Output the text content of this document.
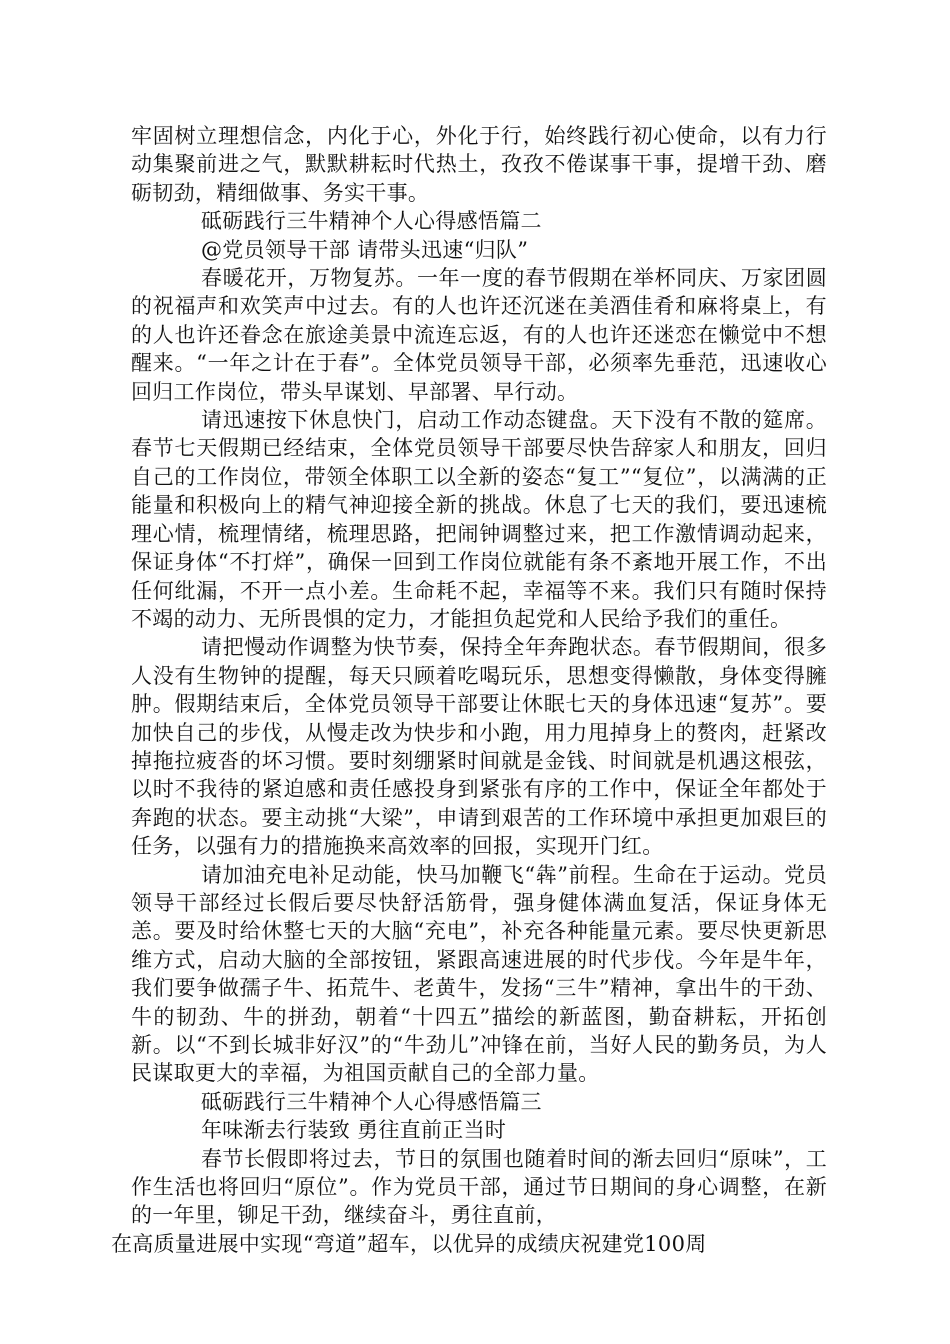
牢固树立理想信念，内化于心，外化于行，始终践行初心使命，以有力行动集聚前进之气，默默耕耘时代热土，孜孜不倦谋事干事，提增干劲、磨砺韧劲，精细做事、务实干事。

砥砺践行三牛精神个人心得感悟篇二

@党员领导干部 请带头迅速“归队”

春暖花开，万物复苏。一年一度的春节假期在举杯同庆、万家团圆的祝福声和欢笑声中过去。有的人也许还沉迷在美酒佳肴和麻将桌上，有的人也许还眷念在旅途美景中流连忘返，有的人也许还迷恋在懒觉中不想醒来。“一年之计在于春”。全体党员领导干部，必须率先垂范，迅速收心回归工作岗位，带头早谋划、早部署、早行动。

请迅速按下休息快门，启动工作动态键盘。天下没有不散的筵席。春节七天假期已经结束，全体党员领导干部要尽快告辞家人和朋友，回归自己的工作岗位，带领全体职工以全新的姿态“复工”“复位”，以满满的正能量和积极向上的精气神迎接全新的挑战。休息了七天的我们，要迅速梳理心情，梳理情绪，梳理思路，把闹钟调整过来，把工作激情调动起来，保证身体“不打烊”，确保一回到工作岗位就能有条不紊地开展工作，不出任何纰漏，不开一点小差。生命耗不起，幸福等不来。我们只有随时保持不竭的动力、无所畏惧的定力，才能担负起党和人民给予我们的重任。

请把慢动作调整为快节奏，保持全年奔跑状态。春节假期间，很多人没有生物钟的提醒，每天只顾着吃喝玩乐，思想变得懒散，身体变得臃肿。假期结束后，全体党员领导干部要让休眠七天的身体迅速“复苏”。要加快自己的步伐，从慢走改为快步和小跑，用力甩掉身上的赘肉，赶紧改掉拖拉疲沓的坏习惯。要时刻绷紧时间就是金钱、时间就是机遇这根弦，以时不我待的紧迫感和责任感投身到紧张有序的工作中，保证全年都处于奔跑的状态。要主动挑“大梁”，申请到艰苦的工作环境中承担更加艰巨的任务，以强有力的措施换来高效率的回报，实现开门红。

请加油充电补足动能，快马加鞭飞“犇”前程。生命在于运动。党员领导干部经过长假后要尽快舒活筋骨，强身健体满血复活，保证身体无恙。要及时给休整七天的大脑“充电”，补充各种能量元素。要尽快更新思维方式，启动大脑的全部按钮，紧跟高速进展的时代步伐。今年是牛年，我们要争做孺子牛、拓荒牛、老黄牛，发扬“三牛”精神，拿出牛的干劲、牛的韧劲、牛的拼劲，朝着“十四五”描绘的新蓝图，勤奋耕耘，开拓创新。以“不到长城非好汉”的“牛劲儿”冲锋在前，当好人民的勤务员，为人民谋取更大的幸福，为祖国贡献自己的全部力量。

砥砺践行三牛精神个人心得感悟篇三

年味渐去行装致 勇往直前正当时

春节长假即将过去，节日的氛围也随着时间的渐去回归“原味”，工作生活也将回归“原位”。作为党员干部，通过节日期间的身心调整，在新的一年里，铆足干劲，继续奋斗，勇往直前，

在高质量进展中实现“弯道”超车，以优异的成绩庆祝建党100周
